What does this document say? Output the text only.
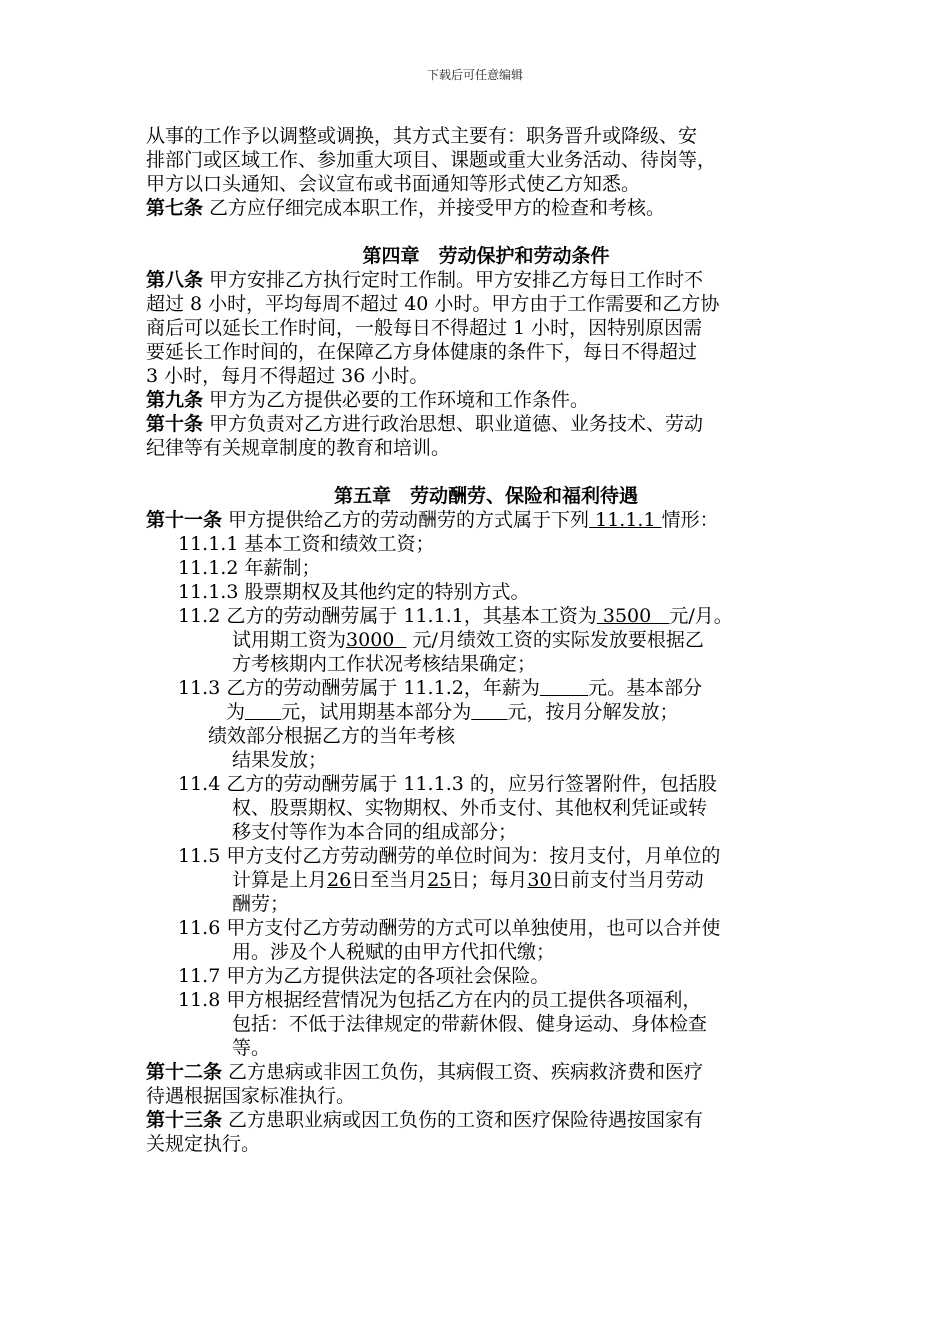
下载后可任意编辑

从事的工作予以调整或调换，其方式主要有：职务晋升或降级、安

排部门或区域工作、参加重大项目、课题或重大业务活动、待岗等，

甲方以口头通知、会议宣布或书面通知等形式使乙方知悉。

第七条 乙方应仔细完成本职工作，并接受甲方的检查和考核。

第四章　劳动保护和劳动条件

第八条 甲方安排乙方执行定时工作制。甲方安排乙方每日工作时不

超过 8 小时，平均每周不超过 40 小时。甲方由于工作需要和乙方协

商后可以延长工作时间，一般每日不得超过 1 小时，因特别原因需

要延长工作时间的，在保障乙方身体健康的条件下，每日不得超过

3 小时，每月不得超过 36 小时。

第九条 甲方为乙方提供必要的工作环境和工作条件。

第十条 甲方负责对乙方进行政治思想、职业道德、业务技术、劳动

纪律等有关规章制度的教育和培训。

第五章　劳动酬劳、保险和福利待遇

第十一条 甲方提供给乙方的劳动酬劳的方式属于下列 11.1.1 情形：

11.1.1 基本工资和绩效工资；

11.1.2 年薪制；

11.1.3 股票期权及其他约定的特别方式。

11.2 乙方的劳动酬劳属于 11.1.1，其基本工资为 3500   元/月。

试用期工资为3000   元/月绩效工资的实际发放要根据乙

方考核期内工作状况考核结果确定；

11.3 乙方的劳动酬劳属于 11.1.2，年薪为	元。基本部分

为 元，试用期基本部分为 元，按月分解发放；

绩效部分根据乙方的当年考核

结果发放；

11.4 乙方的劳动酬劳属于 11.1.3 的，应另行签署附件，包括股

权、股票期权、实物期权、外币支付、其他权利凭证或转

移支付等作为本合同的组成部分；

11.5 甲方支付乙方劳动酬劳的单位时间为：按月支付，月单位的

计算是上月26日至当月25日；每月30日前支付当月劳动

酬劳；

11.6 甲方支付乙方劳动酬劳的方式可以单独使用，也可以合并使

用。涉及个人税赋的由甲方代扣代缴；

11.7 甲方为乙方提供法定的各项社会保险。

11.8 甲方根据经营情况为包括乙方在内的员工提供各项福利，

包括：不低于法律规定的带薪休假、健身运动、身体检查

等。

第十二条 乙方患病或非因工负伤，其病假工资、疾病救济费和医疗

待遇根据国家标准执行。

第十三条 乙方患职业病或因工负伤的工资和医疗保险待遇按国家有

关规定执行。
